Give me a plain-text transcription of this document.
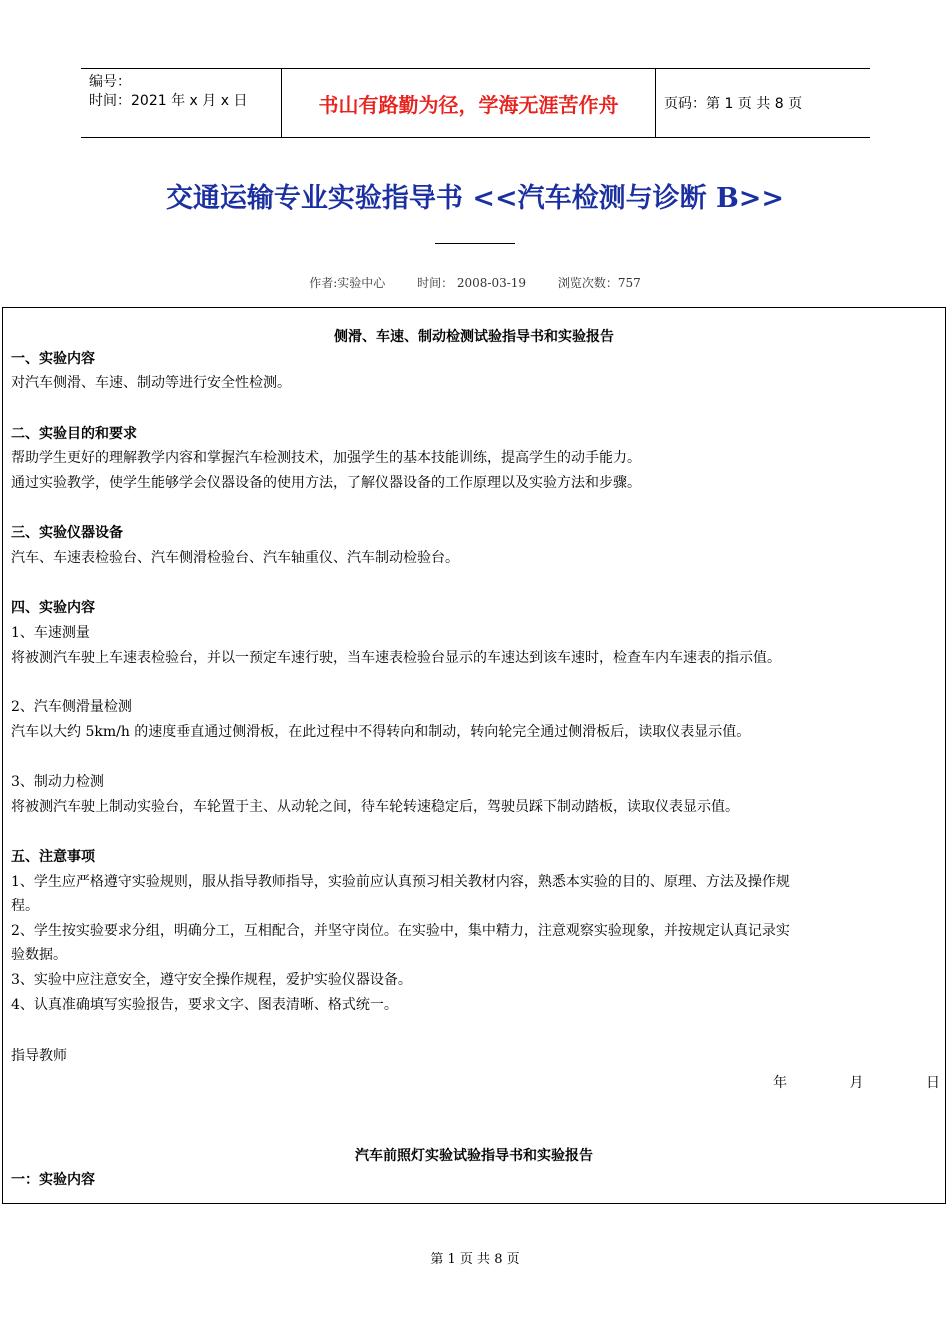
编号：
时间：2021 年 x 月 x 日	书山有路勤为径，学海无涯苦作舟	页码：第 1 页 共 8 页
交通运输专业实验指导书 <<汽车检测与诊断 B>>
作者:实验中心	时间： 2008-03-19	浏览次数：757
侧滑、车速、制动检测试验指导书和实验报告
一、实验内容
对汽车侧滑、车速、制动等进行安全性检测。
二、实验目的和要求
帮助学生更好的理解教学内容和掌握汽车检测技术，加强学生的基本技能训练，提高学生的动手能力。
通过实验教学，使学生能够学会仪器设备的使用方法，了解仪器设备的工作原理以及实验方法和步骤。
三、实验仪器设备
汽车、车速表检验台、汽车侧滑检验台、汽车轴重仪、汽车制动检验台。
四、实验内容
1、车速测量
将被测汽车驶上车速表检验台，并以一预定车速行驶，当车速表检验台显示的车速达到该车速时，检查车内车速表的指示值。
2、汽车侧滑量检测
汽车以大约 5km/h 的速度垂直通过侧滑板，在此过程中不得转向和制动，转向轮完全通过侧滑板后，读取仪表显示值。
3、制动力检测
将被测汽车驶上制动实验台，车轮置于主、从动轮之间，待车轮转速稳定后，驾驶员踩下制动踏板，读取仪表显示值。
五、注意事项
1、学生应严格遵守实验规则，服从指导教师指导，实验前应认真预习相关教材内容，熟悉本实验的目的、原理、方法及操作规
程。
2、学生按实验要求分组，明确分工，互相配合，并坚守岗位。在实验中，集中精力，注意观察实验现象，并按规定认真记录实
验数据。
3、实验中应注意安全，遵守安全操作规程，爱护实验仪器设备。
4、认真准确填写实验报告，要求文字、图表清晰、格式统一。
指导教师
汽车前照灯实验试验指导书和实验报告
一：实验内容
年	月	日
第 1 页 共 8 页
